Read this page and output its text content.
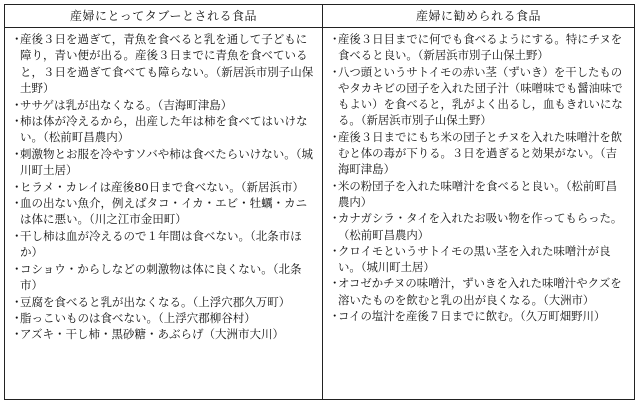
産婦にとってタブーとされる食品

・
産後３日を過ぎて，青魚を食べると乳を通して子どもに障り，青い便が出る。産後３日までに青魚を食べていると，３日を過ぎて食べても障らない。（新居浜市別子山保土野）

・
ササゲは乳が出なくなる。（吉海町津島）

・
柿は体が冷えるから，出産した年は柿を食べてはいけない。（松前町昌農内）

・
刺激物とお服を冷やすソバや柿は食べたらいけない。（城川町土居）

・
ヒラメ・カレイは産後80日まで食べない。（新居浜市）

・
血の出ない魚介，例えばタコ・イカ・エビ・牡蠣・カニは体に悪い。（川之江市金田町）

・
干し柿は血が冷えるので１年間は食べない。（北条市ほか）

・
コショウ・からしなどの刺激物は体に良くない。（北条市）

・
豆腐を食べると乳が出なくなる。（上浮穴郡久万町）

・
脂っこいものは食べない。（上浮穴郡柳谷村）

・
アズキ・干し柿・黒砂糖・あぶらげ（大洲市大川）

産婦に勧められる食品

・
産後３日目までに何でも食べるようにする。特にチヌを食べると良い。（新居浜市別子山保土野）

・
八つ頭というサトイモの赤い茎（ずいき）を干したものやタカキビの団子を入れた団子汁（味噌味でも醤油味でもよい）を食べると，乳がよく出るし，血もきれいになる。（新居浜市別子山保土野）

・
産後３日までにもち米の団子とチヌを入れた味噌汁を飲むと体の毒が下りる。３日を過ぎると効果がない。（吉海町津島）

・
米の粉団子を入れた味噌汁を食べると良い。（松前町昌農内）

・
カナガシラ・タイを入れたお吸い物を作ってもらった。（松前町昌農内）

・
クロイモというサトイモの黒い茎を入れた味噌汁が良い。（城川町土居）

・
オコゼかチヌの味噌汁，ずいきを入れた味噌汁やクズを溶いたものを飲むと乳の出が良くなる。（大洲市）

・
コイの塩汁を産後７日までに飲む。（久万町畑野川）
